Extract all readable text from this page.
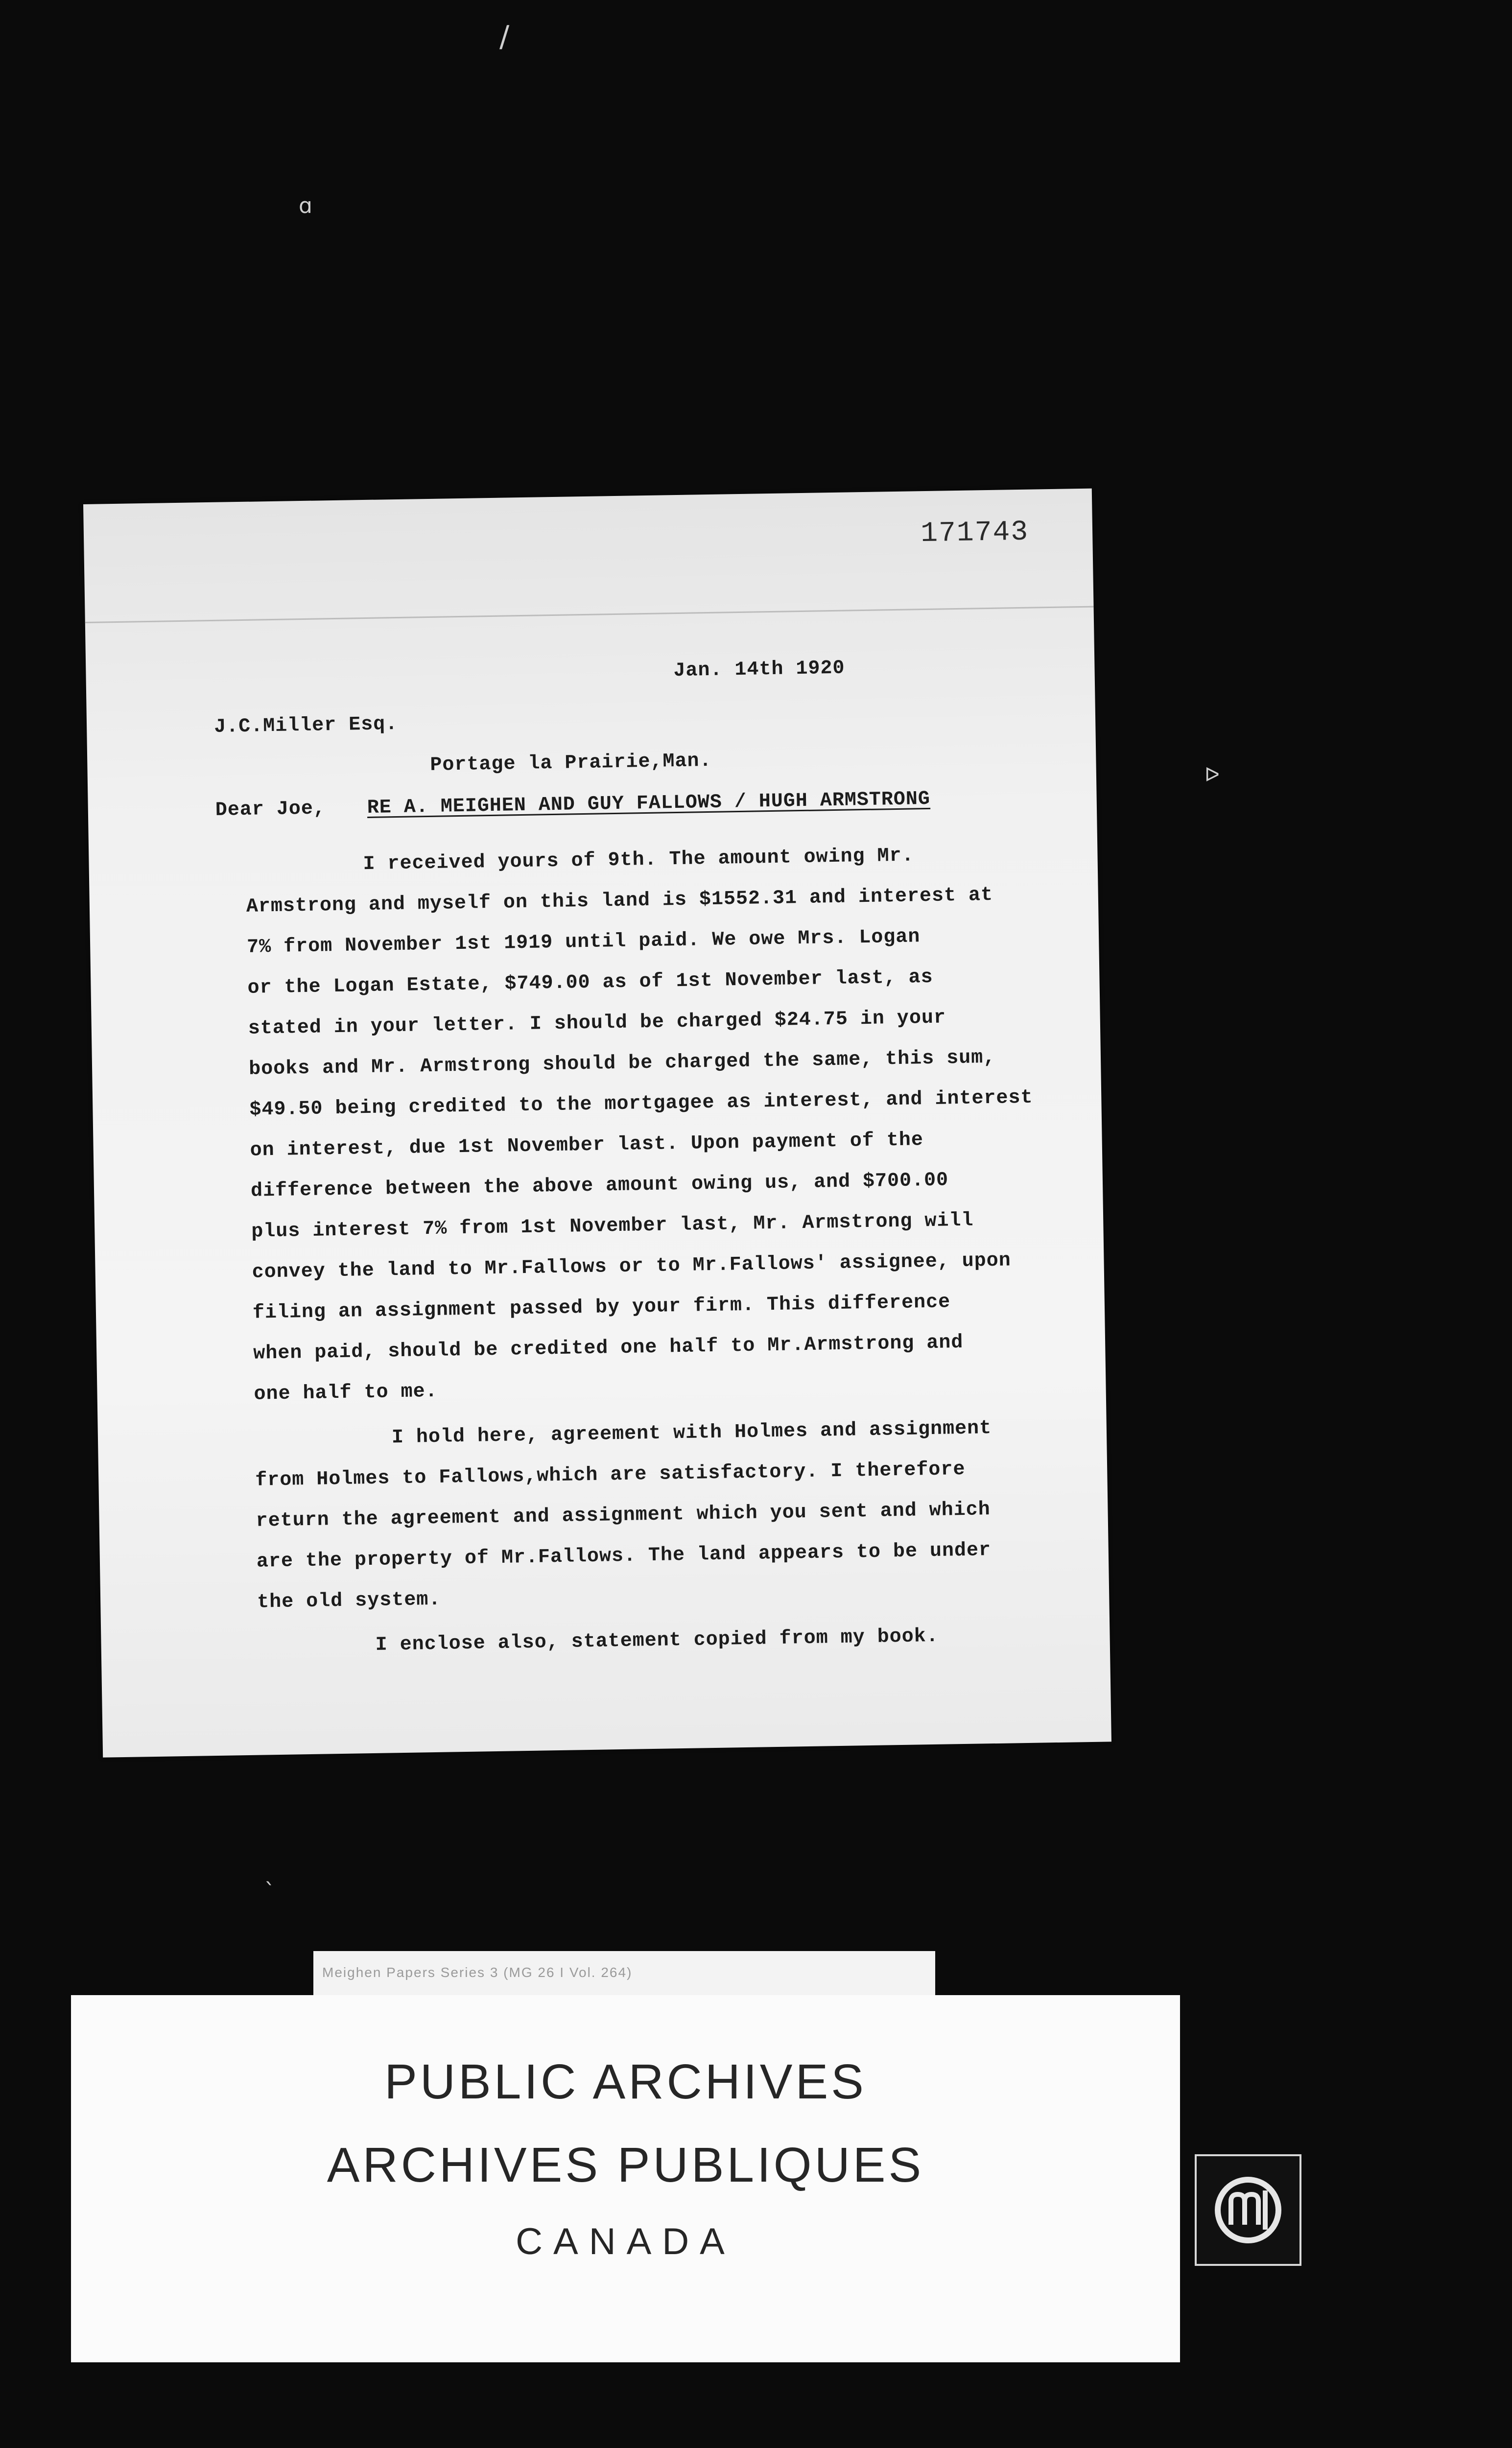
/
ɑ
ᐅ
ˎ
171743
Jan. 14th 1920
J.C.Miller Esq.
Portage la Prairie,Man.
Dear Joe, RE A. MEIGHEN AND GUY FALLOWS / HUGH ARMSTRONG
I received yours of 9th. The amount owing Mr.
Armstrong and myself on this land is $1552.31 and interest at
7% from November 1st 1919 until paid. We owe Mrs. Logan
or the Logan Estate, $749.00 as of 1st November last, as
stated in your letter. I should be charged $24.75 in your
books and Mr. Armstrong should be charged the same, this sum,
$49.50 being credited to the mortgagee as interest, and interest
on interest, due 1st November last. Upon payment of the
difference between the above amount owing us, and $700.00
plus interest 7% from 1st November last, Mr. Armstrong will
convey the land to Mr.Fallows or to Mr.Fallows' assignee, upon
filing an assignment passed by your firm. This difference
when paid, should be credited one half to Mr.Armstrong and
one half to me.
I hold here, agreement with Holmes and assignment
from Holmes to Fallows,which are satisfactory. I therefore
return the agreement and assignment which you sent and which
are the property of Mr.Fallows. The land appears to be under
the old system.
I enclose also, statement copied from my book.
Meighen Papers Series 3 (MG 26 I Vol. 264)
PUBLIC ARCHIVES
ARCHIVES PUBLIQUES
CANADA
